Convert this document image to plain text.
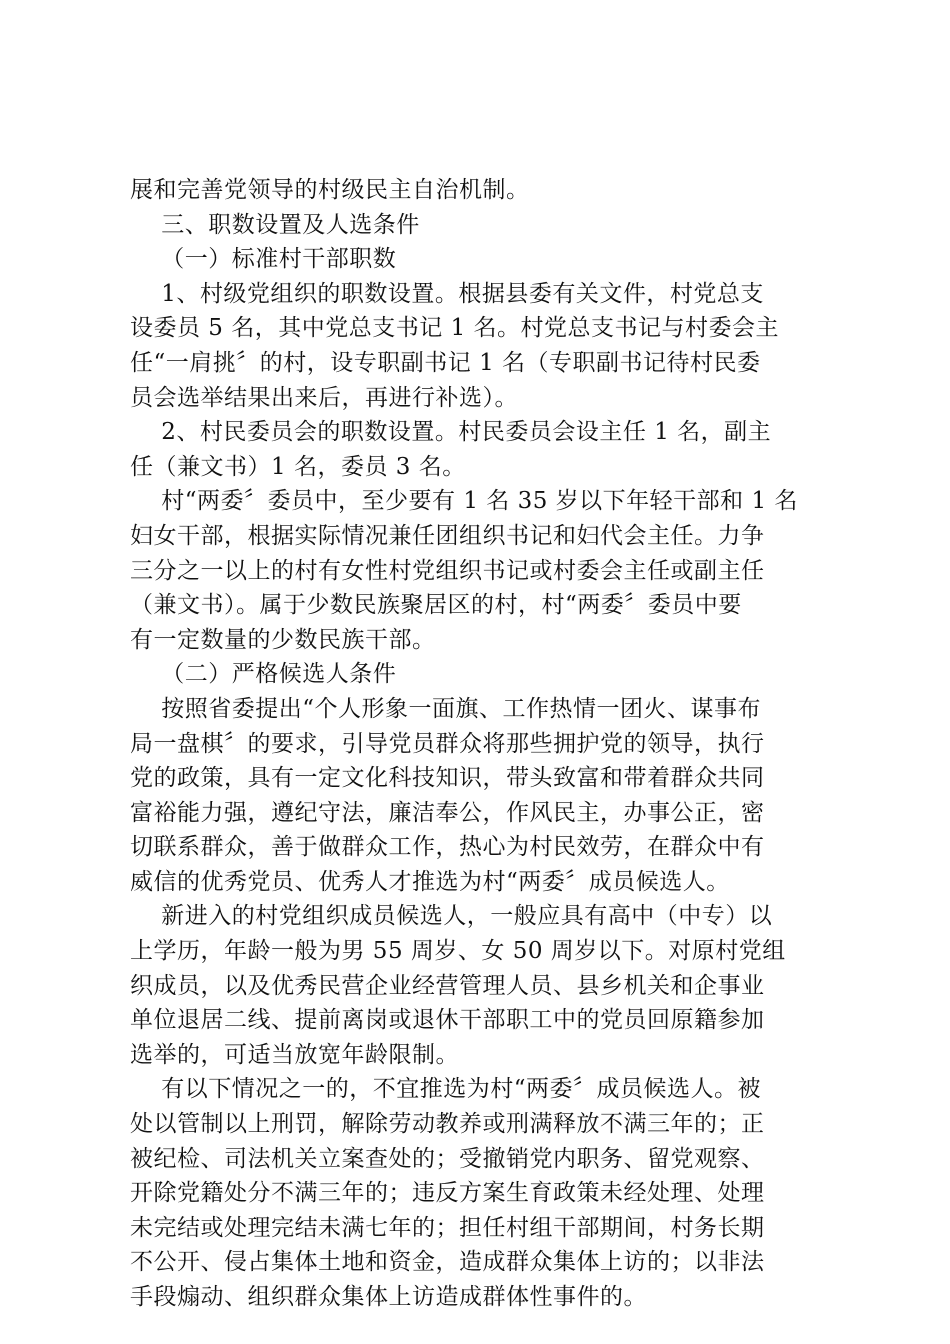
展和完善党领导的村级民主自治机制。
三、职数设置及人选条件
（一）标准村干部职数
1、村级党组织的职数设置。根据县委有关文件，村党总支
设委员 5 名，其中党总支书记 1 名。村党总支书记与村委会主
任“一肩挑〞的村，设专职副书记 1 名（专职副书记待村民委
员会选举结果出来后，再进行补选）。
2、村民委员会的职数设置。村民委员会设主任 1 名，副主
任（兼文书）1 名，委员 3 名。
村“两委〞委员中，至少要有 1 名 35 岁以下年轻干部和 1 名
妇女干部，根据实际情况兼任团组织书记和妇代会主任。力争
三分之一以上的村有女性村党组织书记或村委会主任或副主任
（兼文书）。属于少数民族聚居区的村，村“两委〞委员中要
有一定数量的少数民族干部。
（二）严格候选人条件
按照省委提出“个人形象一面旗、工作热情一团火、谋事布
局一盘棋〞的要求，引导党员群众将那些拥护党的领导，执行
党的政策，具有一定文化科技知识，带头致富和带着群众共同
富裕能力强，遵纪守法，廉洁奉公，作风民主，办事公正，密
切联系群众，善于做群众工作，热心为村民效劳，在群众中有
威信的优秀党员、优秀人才推选为村“两委〞成员候选人。
新进入的村党组织成员候选人，一般应具有高中（中专）以
上学历，年龄一般为男 55 周岁、女 50 周岁以下。对原村党组
织成员，以及优秀民营企业经营管理人员、县乡机关和企事业
单位退居二线、提前离岗或退休干部职工中的党员回原籍参加
选举的，可适当放宽年龄限制。
有以下情况之一的，不宜推选为村“两委〞成员候选人。被
处以管制以上刑罚，解除劳动教养或刑满释放不满三年的；正
被纪检、司法机关立案查处的；受撤销党内职务、留党观察、
开除党籍处分不满三年的；违反方案生育政策未经处理、处理
未完结或处理完结未满七年的；担任村组干部期间，村务长期
不公开、侵占集体土地和资金，造成群众集体上访的；以非法
手段煽动、组织群众集体上访造成群体性事件的。
